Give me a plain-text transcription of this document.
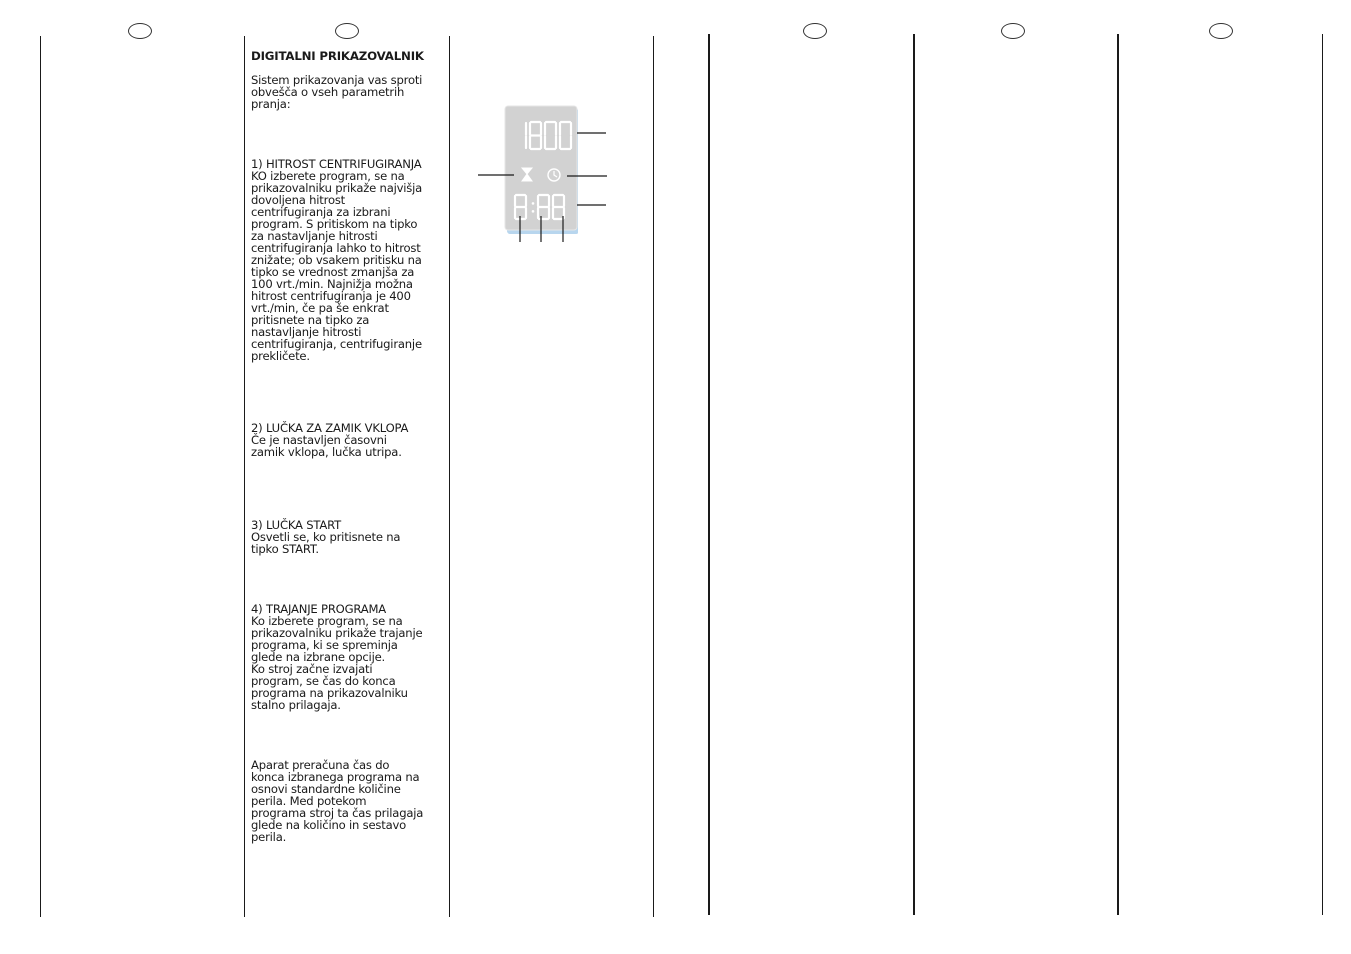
DIGITALNI PRIKAZOVALNIK

Sistem prikazovanja vas sproti
obvešča o vseh parametrih
pranja:

1) HITROST CENTRIFUGIRANJA

KO izberete program, se na
prikazovalniku prikaže najvišja
dovoljena hitrost
centrifugiranja za izbrani
program. S pritiskom na tipko
za nastavljanje hitrosti
centrifugiranja lahko to hitrost
znižate; ob vsakem pritisku na
tipko se vrednost zmanjša za
100 vrt./min. Najnižja možna
hitrost centrifugiranja je 400
vrt./min, če pa še enkrat
pritisnete na tipko za
nastavljanje hitrosti
centrifugiranja, centrifugiranje
prekličete.

2) LUČKA ZA ZAMIK VKLOPA

Če je nastavljen časovni
zamik vklopa, lučka utripa.

3) LUČKA START

Osvetli se, ko pritisnete na
tipko START.

4) TRAJANJE PROGRAMA

Ko izberete program, se na
prikazovalniku prikaže trajanje
programa, ki se spreminja
glede na izbrane opcije.
Ko stroj začne izvajati
program, se čas do konca
programa na prikazovalniku
stalno prilagaja.

Aparat preračuna čas do
konca izbranega programa na
osnovi standardne količine
perila. Med potekom
programa stroj ta čas prilagaja
glede na količino in sestavo
perila.
